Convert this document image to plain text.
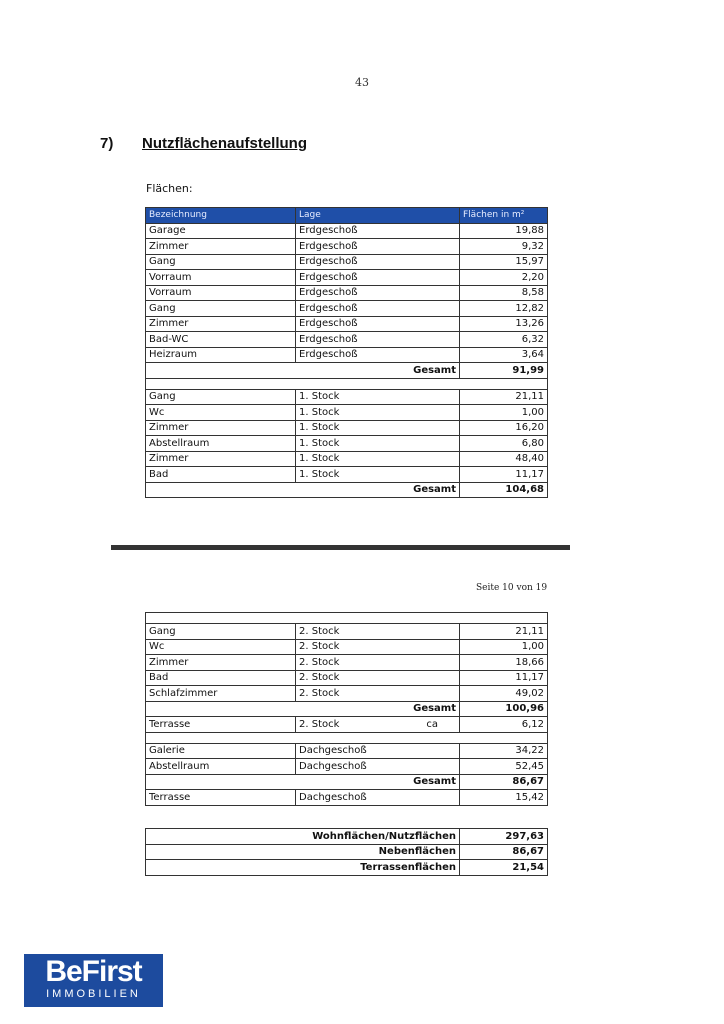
43
7) Nutzflächenaufstellung
Flächen:
Bezeichnung	Lage	Flächen in m²
Garage	Erdgeschoß	19,88
Zimmer	Erdgeschoß	9,32
Gang	Erdgeschoß	15,97
Vorraum	Erdgeschoß	2,20
Vorraum	Erdgeschoß	8,58
Gang	Erdgeschoß	12,82
Zimmer	Erdgeschoß	13,26
Bad-WC	Erdgeschoß	6,32
Heizraum	Erdgeschoß	3,64
Gesamt		91,99

Gang	1. Stock	21,11
Wc	1. Stock	1,00
Zimmer	1. Stock	16,20
Abstellraum	1. Stock	6,80
Zimmer	1. Stock	48,40
Bad	1. Stock	11,17
Gesamt		104,68
Seite 10 von 19

Gang	2. Stock	21,11
Wc	2. Stock	1,00
Zimmer	2. Stock	18,66
Bad	2. Stock	11,17
Schlafzimmer	2. Stock	49,02
Gesamt		100,96
Terrasse	2. Stock ca	6,12

Galerie	Dachgeschoß	34,22
Abstellraum	Dachgeschoß	52,45
Gesamt		86,67
Terrasse	Dachgeschoß	15,42
Wohnflächen/Nutzflächen	297,63
Nebenflächen	86,67
Terrassenflächen	21,54
BeFirst
IMMOBILIEN
